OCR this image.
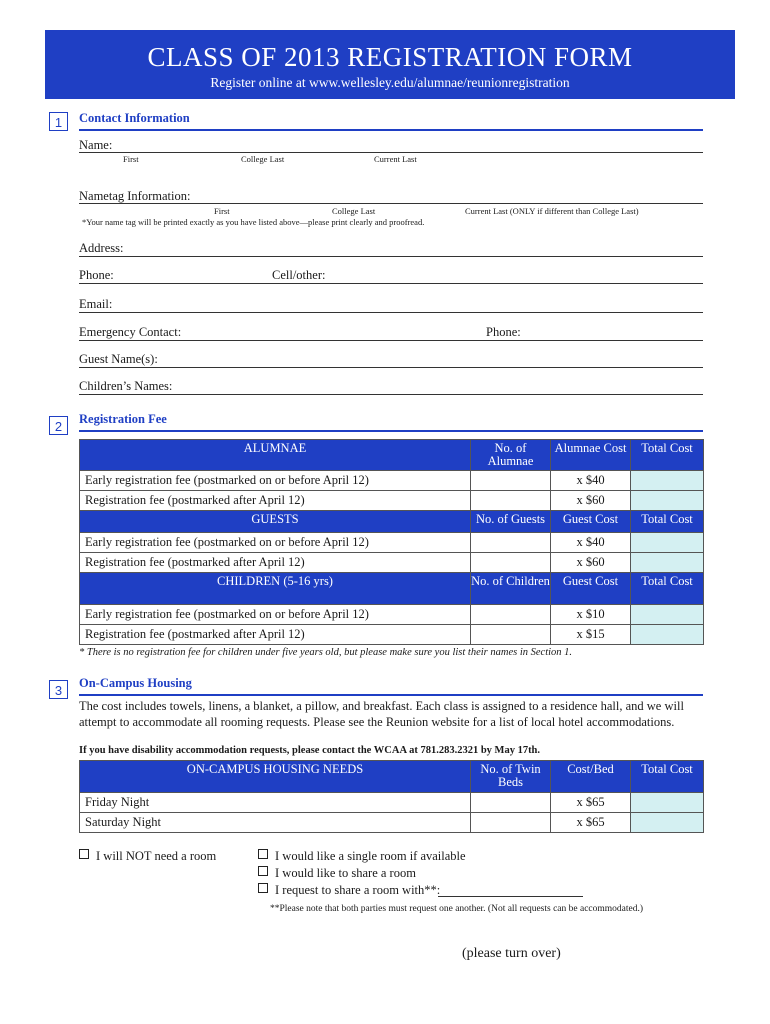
CLASS OF 2013 REGISTRATION FORM
Register online at www.wellesley.edu/alumnae/reunionregistration
1	Contact Information
Name:
First	College Last	Current Last
Nametag Information:
First	College Last	Current Last (ONLY if different than College Last)
*Your name tag will be printed exactly as you have listed above—please print clearly and proofread.
Address:
Phone:	Cell/other:
Email:
Emergency Contact:	Phone:
Guest Name(s):
Children’s Names:
2	Registration Fee
ALUMNAE	No. of Alumnae	Alumnae Cost	Total Cost
Early registration fee (postmarked on or before April 12)		x $40	
Registration fee (postmarked after April 12)		x $60	
GUESTS	No. of Guests	Guest Cost	Total Cost
Early registration fee (postmarked on or before April 12)		x $40	
Registration fee (postmarked after April 12)		x $60	
CHILDREN (5-16 yrs)	No. of Children	Guest Cost	Total Cost
Early registration fee (postmarked on or before April 12)		x $10	
Registration fee (postmarked after April 12)		x $15	
* There is no registration fee for children under five years old, but please make sure you list their names in Section 1.
3	On-Campus Housing
The cost includes towels, linens, a blanket, a pillow, and breakfast. Each class is assigned to a residence hall, and we will attempt to accommodate all rooming requests. Please see the Reunion website for a list of local hotel accommodations.
If you have disability accommodation requests, please contact the WCAA at 781.283.2321 by May 17th.
ON-CAMPUS HOUSING NEEDS	No. of Twin Beds	Cost/Bed	Total Cost
Friday Night		x $65	
Saturday Night		x $65	
I will NOT need a room	I would like a single room if available
I would like to share a room
I request to share a room with**:
**Please note that both parties must request one another. (Not all requests can be accommodated.)
(please turn over)
